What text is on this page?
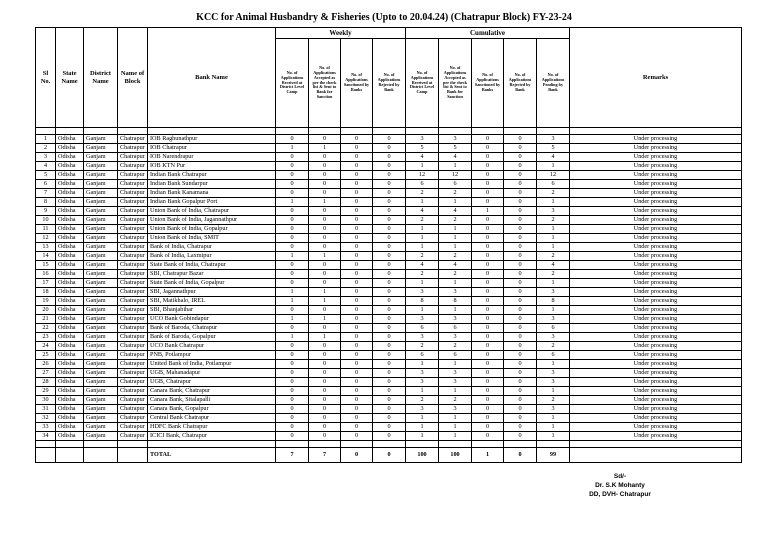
KCC for Animal Husbandry & Fisheries (Upto to 20.04.24) (Chatrapur Block) FY-23-24
Sl No.	State Name	District Name	Name of Block	Bank Name	Weekly				Cumulative					Remarks
					No. of Applications Received at District Level Camp	No. of Applications Accepted as per the check list & Sent to Bank for Sanction	No. of Applications Sanctioned by Banks	No. of Applications Rejected by Bank	No. of Applications Received at District Level Camp	No. of Applications Accepted as per the check list & Sent to Bank for Sanction	No. of Applications Sanctioned by Banks	No. of Applications Rejected by Bank	No. of Applications Pending by Bank	

1	Odisha	Ganjam	Chatrapur	IOB Raghunathpur	0	0	0	0	3	3	0	0	3	Under processing
2	Odisha	Ganjam	Chatrapur	IOB Chatrapur	1	1	0	0	5	5	0	0	5	Under processing
3	Odisha	Ganjam	Chatrapur	IOB Narendrapur	0	0	0	0	4	4	0	0	4	Under processing
4	Odisha	Ganjam	Chatrapur	IOB KTN Pur	0	0	0	0	1	1	0	0	1	Under processing
5	Odisha	Ganjam	Chatrapur	Indian Bank Chatrapur	0	0	0	0	12	12	0	0	12	Under processing
6	Odisha	Ganjam	Chatrapur	Indian Bank Sundarpur	0	0	0	0	6	6	0	0	6	Under processing
7	Odisha	Ganjam	Chatrapur	Indian Bank Kanamana	0	0	0	0	2	2	0	0	2	Under processing
8	Odisha	Ganjam	Chatrapur	Indian Bank Gopalpur Port	1	1	0	0	1	1	0	0	1	Under processing
9	Odisha	Ganjam	Chatrapur	Union Bank of India, Chatrapur	0	0	0	0	4	4	1	0	3	Under processing
10	Odisha	Ganjam	Chatrapur	Union Bank of India, Jagannathpur	0	0	0	0	2	2	0	0	2	Under processing
11	Odisha	Ganjam	Chatrapur	Union Bank of India, Gopalpur	0	0	0	0	1	1	0	0	1	Under processing
12	Odisha	Ganjam	Chatrapur	Union Bank of India, SMIT	0	0	0	0	1	1	0	0	1	Under processing
13	Odisha	Ganjam	Chatrapur	Bank of India, Chatrapur	0	0	0	0	1	1	0	0	1	Under processing
14	Odisha	Ganjam	Chatrapur	Bank of India, Laxmipur	1	1	0	0	2	2	0	0	2	Under processing
15	Odisha	Ganjam	Chatrapur	State Bank of India, Chatrapur	0	0	0	0	4	4	0	0	4	Under processing
16	Odisha	Ganjam	Chatrapur	SBI, Chatrapur Bazar	0	0	0	0	2	2	0	0	2	Under processing
17	Odisha	Ganjam	Chatrapur	State Bank of India, Gopalpur	0	0	0	0	1	1	0	0	1	Under processing
18	Odisha	Ganjam	Chatrapur	SBI, Jagannathpur	1	1	0	0	3	3	0	0	3	Under processing
19	Odisha	Ganjam	Chatrapur	SBI, Matikhalo, IREL	1	1	0	0	8	8	0	0	8	Under processing
20	Odisha	Ganjam	Chatrapur	SBI, Bhanjabihar	0	0	0	0	1	1	0	0	1	Under processing
21	Odisha	Ganjam	Chatrapur	UCO Bank Gobindapur	1	1	0	0	3	3	0	0	3	Under processing
22	Odisha	Ganjam	Chatrapur	Bank of Baroda, Chatrapur	0	0	0	0	6	6	0	0	6	Under processing
23	Odisha	Ganjam	Chatrapur	Bank of Baroda, Gopalpur	1	1	0	0	3	3	0	0	3	Under processing
24	Odisha	Ganjam	Chatrapur	UCO Bank Chatrapur	0	0	0	0	2	2	0	0	2	Under processing
25	Odisha	Ganjam	Chatrapur	PNB, Potlampur	0	0	0	0	6	6	0	0	6	Under processing
26	Odisha	Ganjam	Chatrapur	United Bank of India, Potlampur	0	0	0	0	1	1	0	0	1	Under processing
27	Odisha	Ganjam	Chatrapur	UGB, Mahanadapur	0	0	0	0	3	3	0	0	3	Under processing
28	Odisha	Ganjam	Chatrapur	UGB, Chatrapur	0	0	0	0	3	3	0	0	3	Under processing
29	Odisha	Ganjam	Chatrapur	Canara Bank, Chatrapur	0	0	0	0	1	1	0	0	1	Under processing
30	Odisha	Ganjam	Chatrapur	Canara Bank, Sitalapalli	0	0	0	0	2	2	0	0	2	Under processing
31	Odisha	Ganjam	Chatrapur	Canara Bank, Gopalpur	0	0	0	0	3	3	0	0	3	Under processing
32	Odisha	Ganjam	Chatrapur	Central Bank Chatrapur	0	0	0	0	1	1	0	0	1	Under processing
33	Odisha	Ganjam	Chatrapur	HDFC Bank Chatrapur	0	0	0	0	1	1	0	0	1	Under processing
34	Odisha	Ganjam	Chatrapur	ICICI Bank, Chatrapur	0	0	0	0	1	1	0	0	1	Under processing

				TOTAL	7	7	0	0	100	100	1	0	99	
Sd/-
Dr. S.K Mohanty
DD, DVH- Chatrapur
